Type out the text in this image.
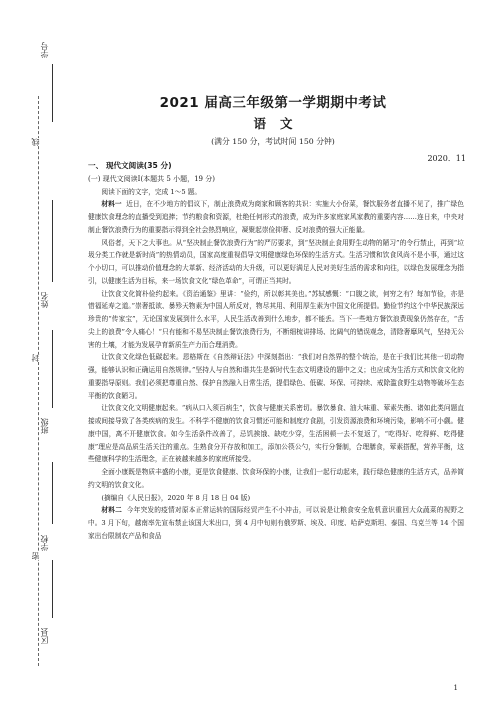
区县
学校
班级
姓名
学号
密
封
线
2021 届高三年级第一学期期中考试
语文
(满分 150 分，考试时间 150 分钟)
2020．11

一、 现代文阅读(35 分)

(一) 现代文阅读Ⅰ(本题共 5 小题，19 分)

阅读下面的文字，完成 1～5 题。

材料一 近日，在不少地方的倡议下，制止浪费成为商家和顾客的共识：实施大小份菜，餐饮服务者直播不见了，推广绿色健康饮食理念的直播受到追捧；节约粮食和资源，杜绝任何形式的浪费，成为许多家庭家风家教的重要内容……连日来，中央对制止餐饮浪费行为的重要指示得到全社会热烈响应，凝聚起崇俭抑奢、反对浪费的强大正能量。

风俗者，天下之大事也。从“坚决制止餐饮浪费行为”的严厉要求，到“坚决制止食用野生动物的陋习”的令行禁止，再到“垃圾分类工作就是新时尚”的热情动员，国家高度重视倡导文明健康绿色环保的生活方式。生活习惯和饮食风尚不是小事，通过这个小切口，可以推动价值理念的大革新、经济活动的大升级，可以更好满足人民对美好生活的需求和向往，以绿色发展理念为指引，以健康生活为目标，来一场饮食文化“绿色革命”，可谓正当其时。

让饮食文化简朴俭约起来。《资治通鉴》里讲：“俭约，所以彰其美也。”苏轼感慨：“口腹之欲，何穷之有？每加节俭，亦是惜福延寿之道。”崇奢抵欲、暴殄天物素为中国人所反对，物尽其用、利用厚生素为中国文化所提倡。勤俭节约这个中华民族深远珍贵的“传家宝”，无论国家发展到什么水平，人民生活改善到什么地步，都不能丢。当下一些地方餐饮浪费现象仍然存在，“舌尖上的浪费”令人痛心！“只有能和不易坚决制止餐饮浪费行为，不断细梳讲排场、比阔气的错误观念，清除奢靡风气，坚持无公害的土壤，才能为发展孕育新质生产力而合理消费。

让饮食文化绿色低碳起来。恩格斯在《自然辩证法》中深刻指出：“我们对自然界的整个统治，是在于我们比其他一切动物强，能够认识和正确运用自然规律。”坚持人与自然和谐共生是新时代生态文明建设的题中之义；也应成为生活方式和饮食文化的重要指导原则。我们必须把尊重自然、保护自然融入日常生活，提倡绿色、低碳、环保、可持续、戒除滥食野生动物等破坏生态平衡的饮食陋习。

让饮食文化文明健康起来。“病从口入须百病生”，饮食与健康关系密切。暴饮暴食、油大味重、荤素失衡、诸如此类问题直接或间接导致了各类疾病的发生。不科学不健康的饮食习惯还可能和制度疗食剧，引发资源浪费和环境污染，影响不可小觑。健康中国，离不开健康饮食。如今生活条件改善了，忌饥挨饿、缺吃少穿，生活困顿一去不复返了，“吃得好、吃得鲜、吃得健康”理应是高品质生活关注的重点。生熟食分开存放和加工，添加公筷公勺，实行分餐制，合理膳食，荤素搭配，营养平衡，这些健康科学的生活理念，正在被越来越多的家庭所接受。

全面小康既是物质丰盛的小康，更是饮食健康、饮食环保的小康，让我们一起行动起来，践行绿色健康的生活方式，品养简约文明的饮食文化。

(摘编自《人民日报》，2020 年 8 月 18 日 04 版)

材料二 今年突发的疫情对原本正常运转的国际经贸产生不小冲击，可以说是让粮食安全危机意识重回大众蔬菜的视野之中。3 月下旬，越南率先宣布禁止该国大米出口，到 4 月中旬则有俄罗斯、埃及、印度、哈萨克斯坦、泰国、乌克兰等 14 个国家出台限制农产品和食品

1
